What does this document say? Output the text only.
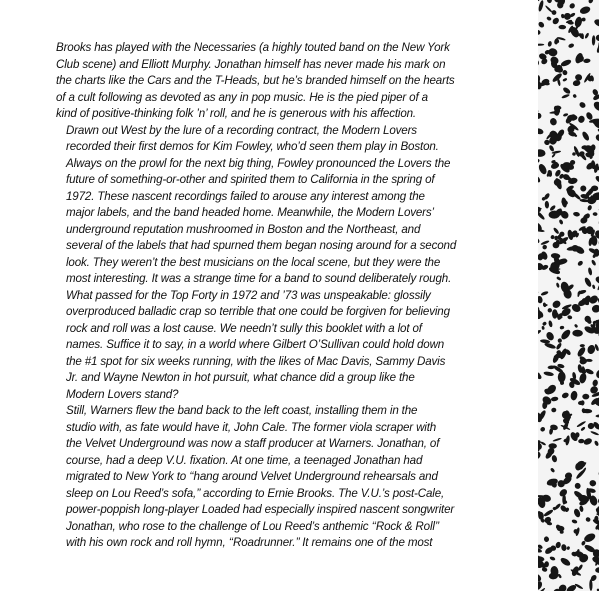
Brooks has played with the Necessaries (a highly touted band on the New York
Club scene) and Elliott Murphy. Jonathan himself has never made his mark on
the charts like the Cars and the T-Heads, but he’s branded himself on the hearts
of a cult following as devoted as any in pop music. He is the pied piper of a
kind of positive-thinking folk ’n’ roll, and he is generous with his affection.

Drawn out West by the lure of a recording contract, the Modern Lovers
recorded their first demos for Kim Fowley, who’d seen them play in Boston.
Always on the prowl for the next big thing, Fowley pronounced the Lovers the
future of something-or-other and spirited them to California in the spring of
1972. These nascent recordings failed to arouse any interest among the
major labels, and the band headed home. Meanwhile, the Modern Lovers’
underground reputation mushroomed in Boston and the Northeast, and
several of the labels that had spurned them began nosing around for a second
look. They weren’t the best musicians on the local scene, but they were the
most interesting. It was a strange time for a band to sound deliberately rough.
What passed for the Top Forty in 1972 and ’73 was unspeakable: glossily
overproduced balladic crap so terrible that one could be forgiven for believing
rock and roll was a lost cause. We needn’t sully this booklet with a lot of
names. Suffice it to say, in a world where Gilbert O’Sullivan could hold down
the #1 spot for six weeks running, with the likes of Mac Davis, Sammy Davis
Jr. and Wayne Newton in hot pursuit, what chance did a group like the
Modern Lovers stand?

Still, Warners flew the band back to the left coast, installing them in the
studio with, as fate would have it, John Cale. The former viola scraper with
the Velvet Underground was now a staff producer at Warners. Jonathan, of
course, had a deep V.U. fixation. At one time, a teenaged Jonathan had
migrated to New York to ‘‘hang around Velvet Underground rehearsals and
sleep on Lou Reed’s sofa,’’ according to Ernie Brooks. The V.U.’s post-Cale,
power-poppish long-player Loaded had especially inspired nascent songwriter
Jonathan, who rose to the challenge of Lou Reed’s anthemic ‘‘Rock & Roll’’
with his own rock and roll hymn, ‘‘Roadrunner.’’ It remains one of the most
